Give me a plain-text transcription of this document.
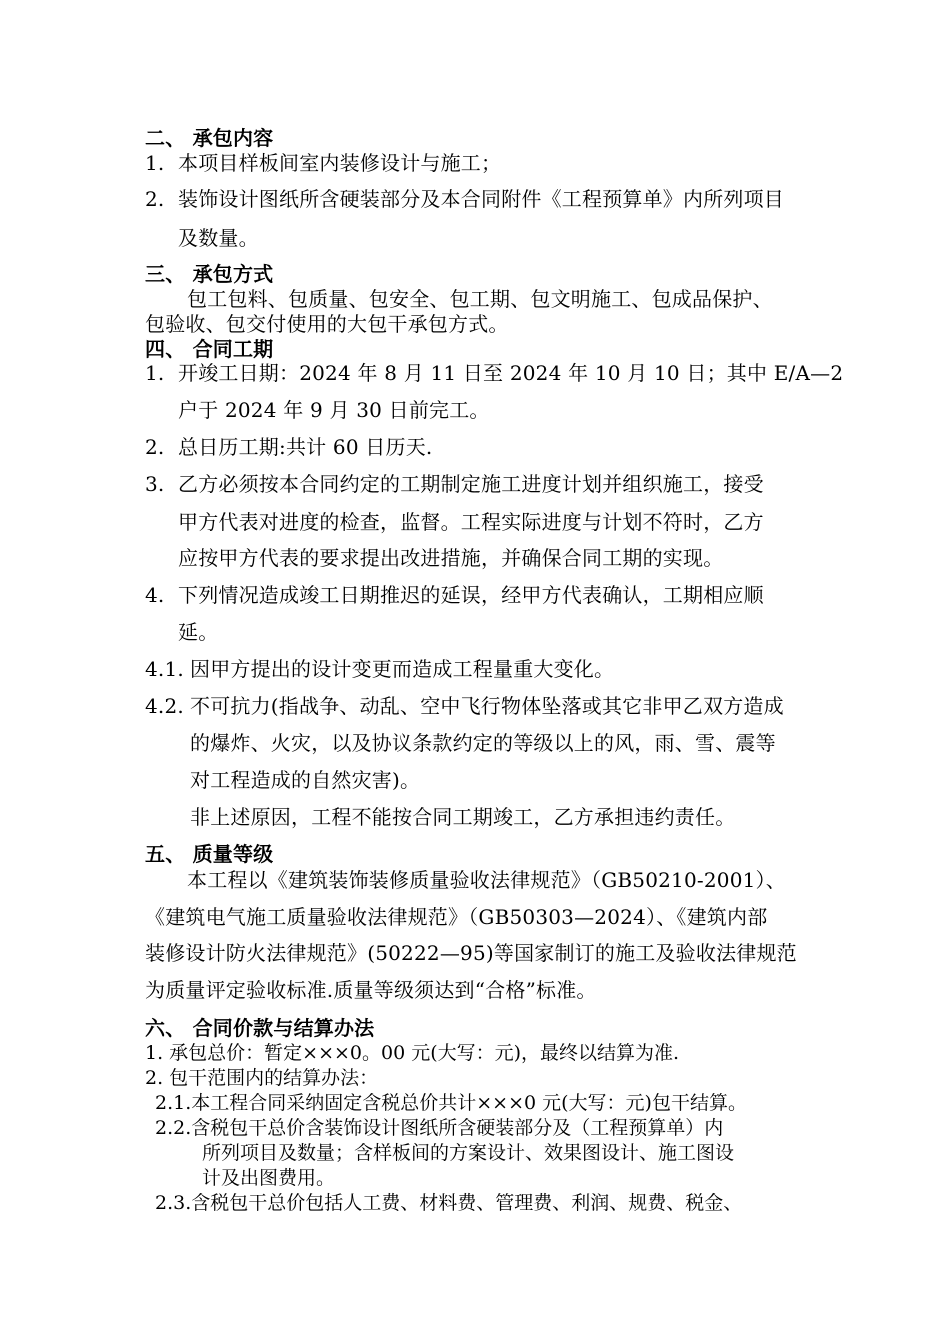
二、 承包内容
1. 本项目样板间室内装修设计与施工；
2. 装饰设计图纸所含硬装部分及本合同附件《工程预算单》内所列项目
及数量。
三、 承包方式
包工包料、包质量、包安全、包工期、包文明施工、包成品保护、
包验收、包交付使用的大包干承包方式。
四、 合同工期
1. 开竣工日期：2024 年 8 月 11 日至 2024 年 10 月 10 日；其中 E/A—2
户于 2024 年 9 月 30 日前完工。
2. 总日历工期:共计 60 日历天.
3. 乙方必须按本合同约定的工期制定施工进度计划并组织施工，接受
甲方代表对进度的检查，监督。工程实际进度与计划不符时，乙方
应按甲方代表的要求提出改进措施，并确保合同工期的实现。
4. 下列情况造成竣工日期推迟的延误，经甲方代表确认，工期相应顺
延。
4.1. 因甲方提出的设计变更而造成工程量重大变化。
4.2. 不可抗力(指战争、动乱、空中飞行物体坠落或其它非甲乙双方造成
的爆炸、火灾，以及协议条款约定的等级以上的风，雨、雪、震等
对工程造成的自然灾害)。
非上述原因，工程不能按合同工期竣工，乙方承担违约责任。
五、 质量等级
本工程以《建筑装饰装修质量验收法律规范》（GB50210-2001）、
《建筑电气施工质量验收法律规范》（GB50303—2024）、《建筑内部
装修设计防火法律规范》(50222—95)等国家制订的施工及验收法律规范
为质量评定验收标准.质量等级须达到“合格”标准。
六、 合同价款与结算办法
1. 承包总价：暂定×××0。00 元(大写：元)，最终以结算为准.
2. 包干范围内的结算办法：
2.1.本工程合同采纳固定含税总价共计×××0 元(大写：元)包干结算。
2.2.含税包干总价含装饰设计图纸所含硬装部分及（工程预算单）内
所列项目及数量；含样板间的方案设计、效果图设计、施工图设
计及出图费用。
2.3.含税包干总价包括人工费、材料费、管理费、利润、规费、税金、
